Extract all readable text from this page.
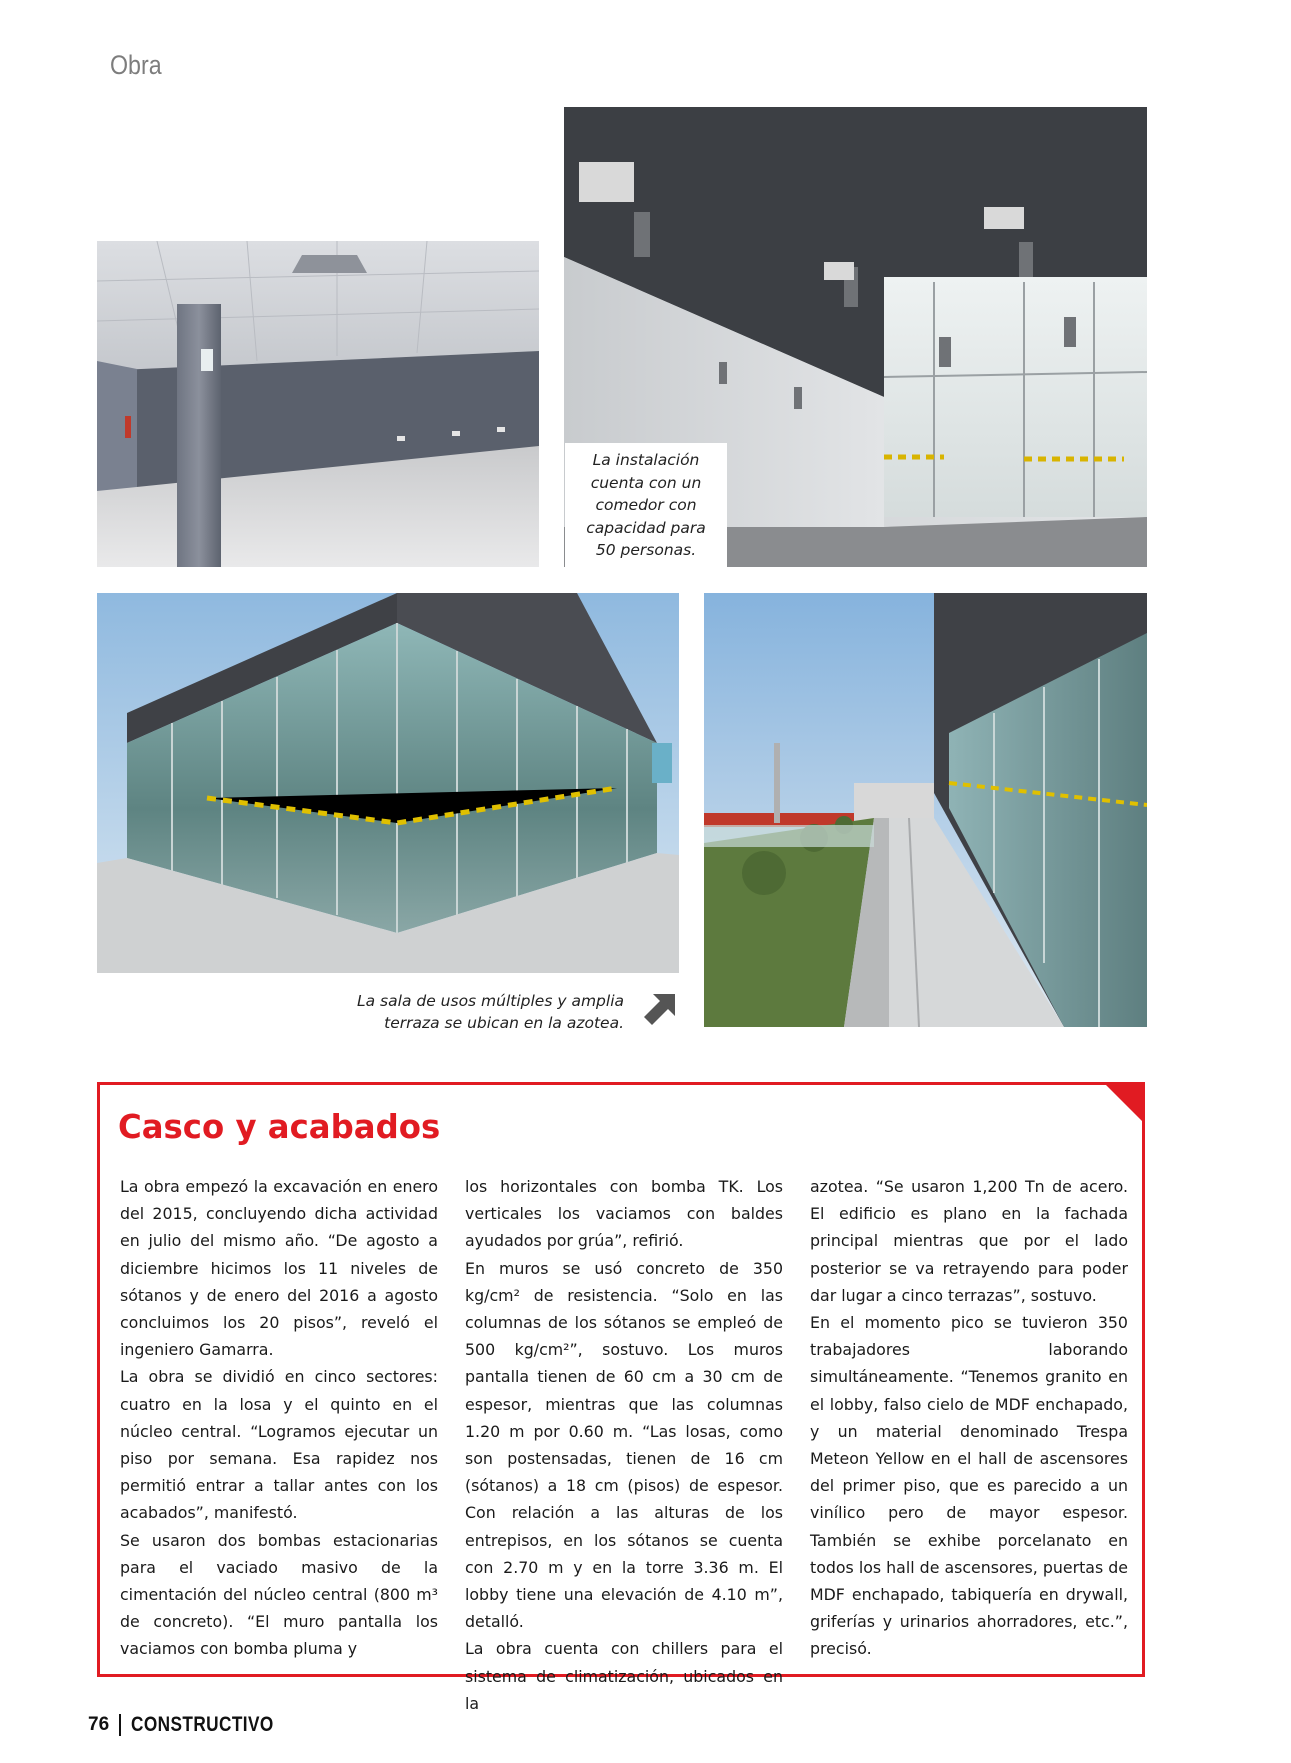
Obra
La instalación
cuenta con un
comedor con
capacidad para
50 personas.
La sala de usos múltiples y amplia
terraza se ubican en la azotea.
Casco y acabados

La obra empezó la excavación en enero del 2015, concluyendo dicha actividad en julio del mismo año. “De agosto a diciembre hicimos los 11 niveles de sótanos y de enero del 2016 a agosto concluimos los 20 pisos”, reveló el ingeniero Gamarra.

La obra se dividió en cinco sectores: cuatro en la losa y el quinto en el núcleo central. “Logramos ejecutar un piso por semana. Esa rapidez nos permitió entrar a tallar antes con los acabados”, manifestó.

Se usaron dos bombas estacionarias para el vaciado masivo de la cimentación del núcleo central (800 m³ de concreto). “El muro pantalla los vaciamos con bomba pluma y

los horizontales con bomba TK. Los verticales los vaciamos con baldes ayudados por grúa”, refirió.

En muros se usó concreto de 350 kg/cm² de resistencia. “Solo en las columnas de los sótanos se empleó de 500 kg/cm²”, sostuvo. Los muros pantalla tienen de 60 cm a 30 cm de espesor, mientras que las columnas 1.20 m por 0.60 m. “Las losas, como son postensadas, tienen de 16 cm (sótanos) a 18 cm (pisos) de espesor. Con relación a las alturas de los entrepisos, en los sótanos se cuenta con 2.70 m y en la torre 3.36 m. El lobby tiene una elevación de 4.10 m”, detalló.

La obra cuenta con chillers para el sistema de climatización, ubicados en la

azotea. “Se usaron 1,200 Tn de acero. El edificio es plano en la fachada principal mientras que por el lado posterior se va retrayendo para poder dar lugar a cinco terrazas”, sostuvo.

En el momento pico se tuvieron 350 trabajadores laborando simultáneamente. “Tenemos granito en el lobby, falso cielo de MDF enchapado, y un material denominado Trespa Meteon Yellow en el hall de ascensores del primer piso, que es parecido a un vinílico pero de mayor espesor. También se exhibe porcelanato en todos los hall de ascensores, puertas de MDF enchapado, tabiquería en drywall, griferías y urinarios ahorradores, etc.”, precisó.

76 CONSTRUCTIVO
